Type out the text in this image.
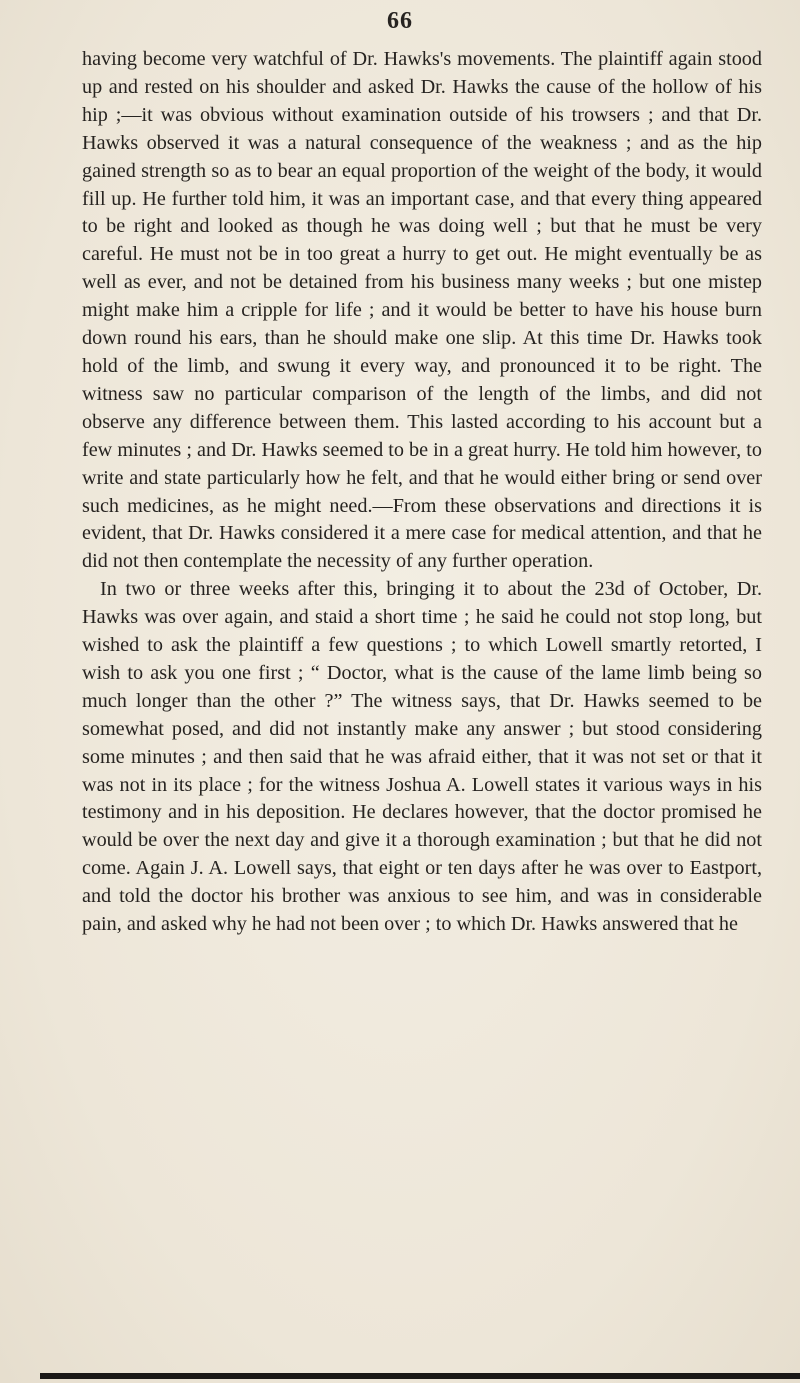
66

having become very watchful of Dr. Hawks's movements. The plaintiff again stood up and rested on his shoulder and asked Dr. Hawks the cause of the hollow of his hip ;—it was obvious without examination outside of his trowsers ; and that Dr. Hawks observed it was a natural consequence of the weakness ; and as the hip gained strength so as to bear an equal proportion of the weight of the body, it would fill up. He further told him, it was an important case, and that every thing appeared to be right and looked as though he was doing well ; but that he must be very careful. He must not be in too great a hurry to get out. He might eventually be as well as ever, and not be detained from his business many weeks ; but one mistep might make him a cripple for life ; and it would be better to have his house burn down round his ears, than he should make one slip. At this time Dr. Hawks took hold of the limb, and swung it every way, and pronounced it to be right. The witness saw no particular comparison of the length of the limbs, and did not observe any difference between them. This lasted according to his account but a few minutes ; and Dr. Hawks seemed to be in a great hurry. He told him however, to write and state particularly how he felt, and that he would either bring or send over such medicines, as he might need.—From these observations and directions it is evident, that Dr. Hawks considered it a mere case for medical attention, and that he did not then contemplate the necessity of any further operation.

In two or three weeks after this, bringing it to about the 23d of October, Dr. Hawks was over again, and staid a short time ; he said he could not stop long, but wished to ask the plaintiff a few questions ; to which Lowell smartly retorted, I wish to ask you one first ; “ Doctor, what is the cause of the lame limb being so much longer than the other ?” The witness says, that Dr. Hawks seemed to be somewhat posed, and did not instantly make any answer ; but stood considering some minutes ; and then said that he was afraid either, that it was not set or that it was not in its place ; for the witness Joshua A. Lowell states it various ways in his testimony and in his deposition. He declares however, that the doctor promised he would be over the next day and give it a thorough examination ; but that he did not come. Again J. A. Lowell says, that eight or ten days after he was over to Eastport, and told the doctor his brother was anxious to see him, and was in considerable pain, and asked why he had not been over ; to which Dr. Hawks answered that he
